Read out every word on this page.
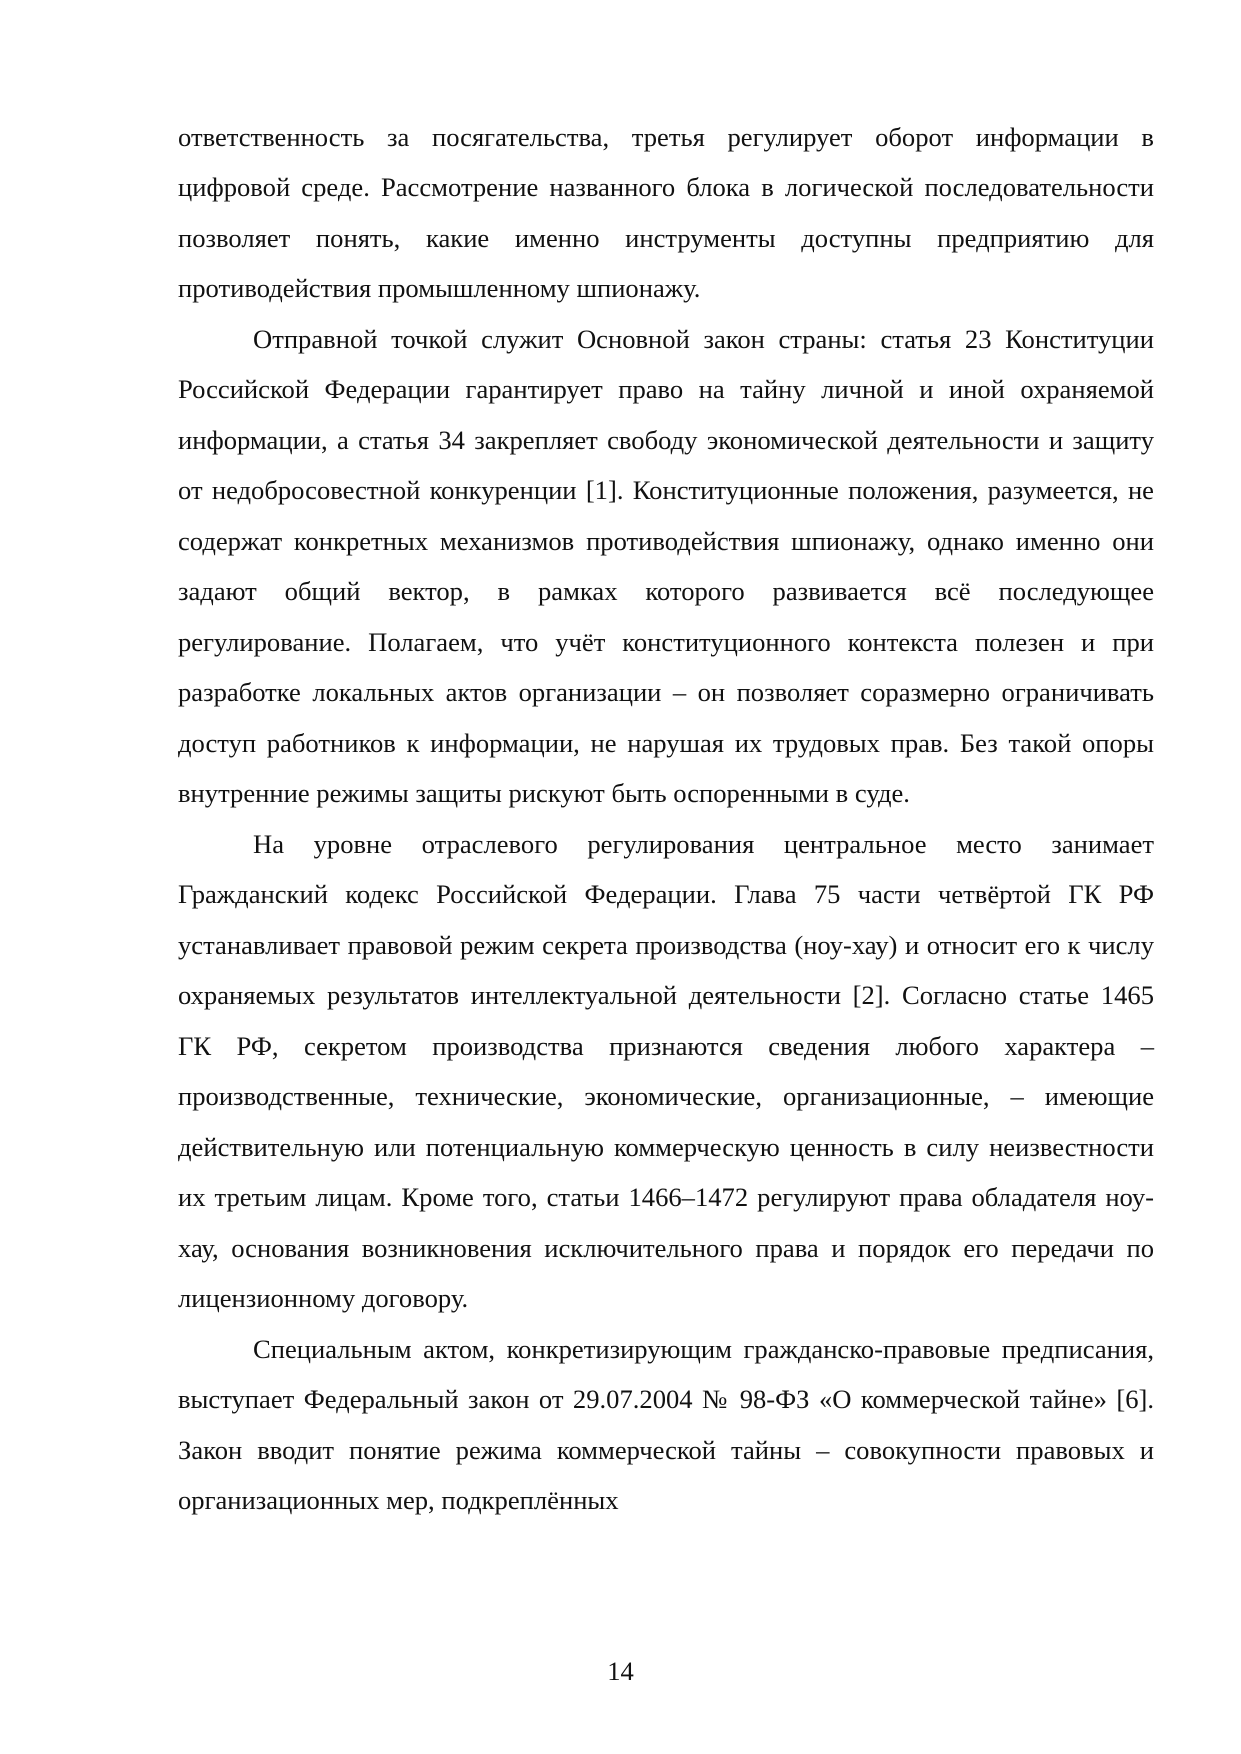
ответственность за посягательства, третья регулирует оборот информации в цифровой среде. Рассмотрение названного блока в логической последовательности позволяет понять, какие именно инструменты доступны предприятию для противодействия промышленному шпионажу.

Отправной точкой служит Основной закон страны: статья 23 Конституции Российской Федерации гарантирует право на тайну личной и иной охраняемой информации, а статья 34 закрепляет свободу экономической деятельности и защиту от недобросовестной конкуренции [1]. Конституционные положения, разумеется, не содержат конкретных механизмов противодействия шпионажу, однако именно они задают общий вектор, в рамках которого развивается всё последующее регулирование. Полагаем, что учёт конституционного контекста полезен и при разработке локальных актов организации – он позволяет соразмерно ограничивать доступ работников к информации, не нарушая их трудовых прав. Без такой опоры внутренние режимы защиты рискуют быть оспоренными в суде.

На уровне отраслевого регулирования центральное место занимает Гражданский кодекс Российской Федерации. Глава 75 части четвёртой ГК РФ устанавливает правовой режим секрета производства (ноу-хау) и относит его к числу охраняемых результатов интеллектуальной деятельности [2]. Согласно статье 1465 ГК РФ, секретом производства признаются сведения любого характера – производственные, технические, экономические, организационные, – имеющие действительную или потенциальную коммерческую ценность в силу неизвестности их третьим лицам. Кроме того, статьи 1466–1472 регулируют права обладателя ноу-хау, основания возникновения исключительного права и порядок его передачи по лицензионному договору.

Специальным актом, конкретизирующим гражданско-правовые предписания, выступает Федеральный закон от 29.07.2004 № 98-ФЗ «О коммерческой тайне» [6]. Закон вводит понятие режима коммерческой тайны – совокупности правовых и организационных мер, подкреплённых

14
